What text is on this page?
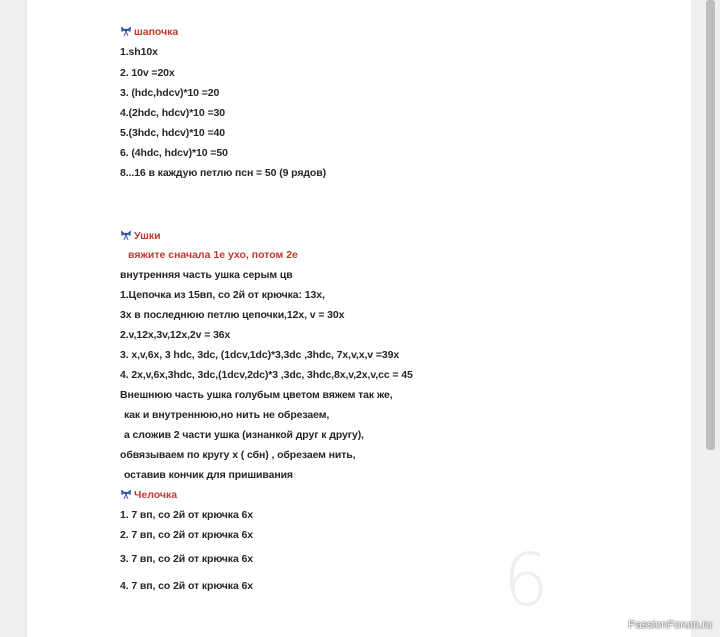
шапочка
1.sh10x
2. 10v =20x
3. (hdc,hdcv)*10 =20
4.(2hdc, hdcv)*10 =30
5.(3hdc, hdcv)*10 =40
6. (4hdc, hdcv)*10 =50
8...16 в каждую петлю псн = 50 (9 рядов)
Ушки
вяжите сначала 1е ухо, потом 2е
внутренняя часть ушка серым цв
1.Цепочка из 15вп, со 2й от крючка: 13х,
3х в последнюю петлю цепочки,12х, v = 30х
2.v,12х,3v,12х,2v = 36х
3. х,v,6х, 3 hdc, 3dc, (1dcv,1dc)*3,3dc ,3hdc, 7х,v,х,v =39х
4. 2х,v,6х,3hdc, 3dc,(1dcv,2dc)*3 ,3dc, 3hdc,8х,v,2х,v,сс = 45
Внешнюю часть ушка голубым цветом вяжем так же,
как и внутреннюю,но нить не обрезаем,
а сложив 2 части ушка (изнанкой друг к другу),
обвязываем по кругу х ( сбн) , обрезаем нить,
оставив кончик для пришивания
Челочка
1. 7 вп, со 2й от крючка 6х
2. 7 вп, со 2й от крючка 6х
3. 7 вп, со 2й от крючка 6х
4. 7 вп, со 2й от крючка 6х	6
PassionForum.ru
